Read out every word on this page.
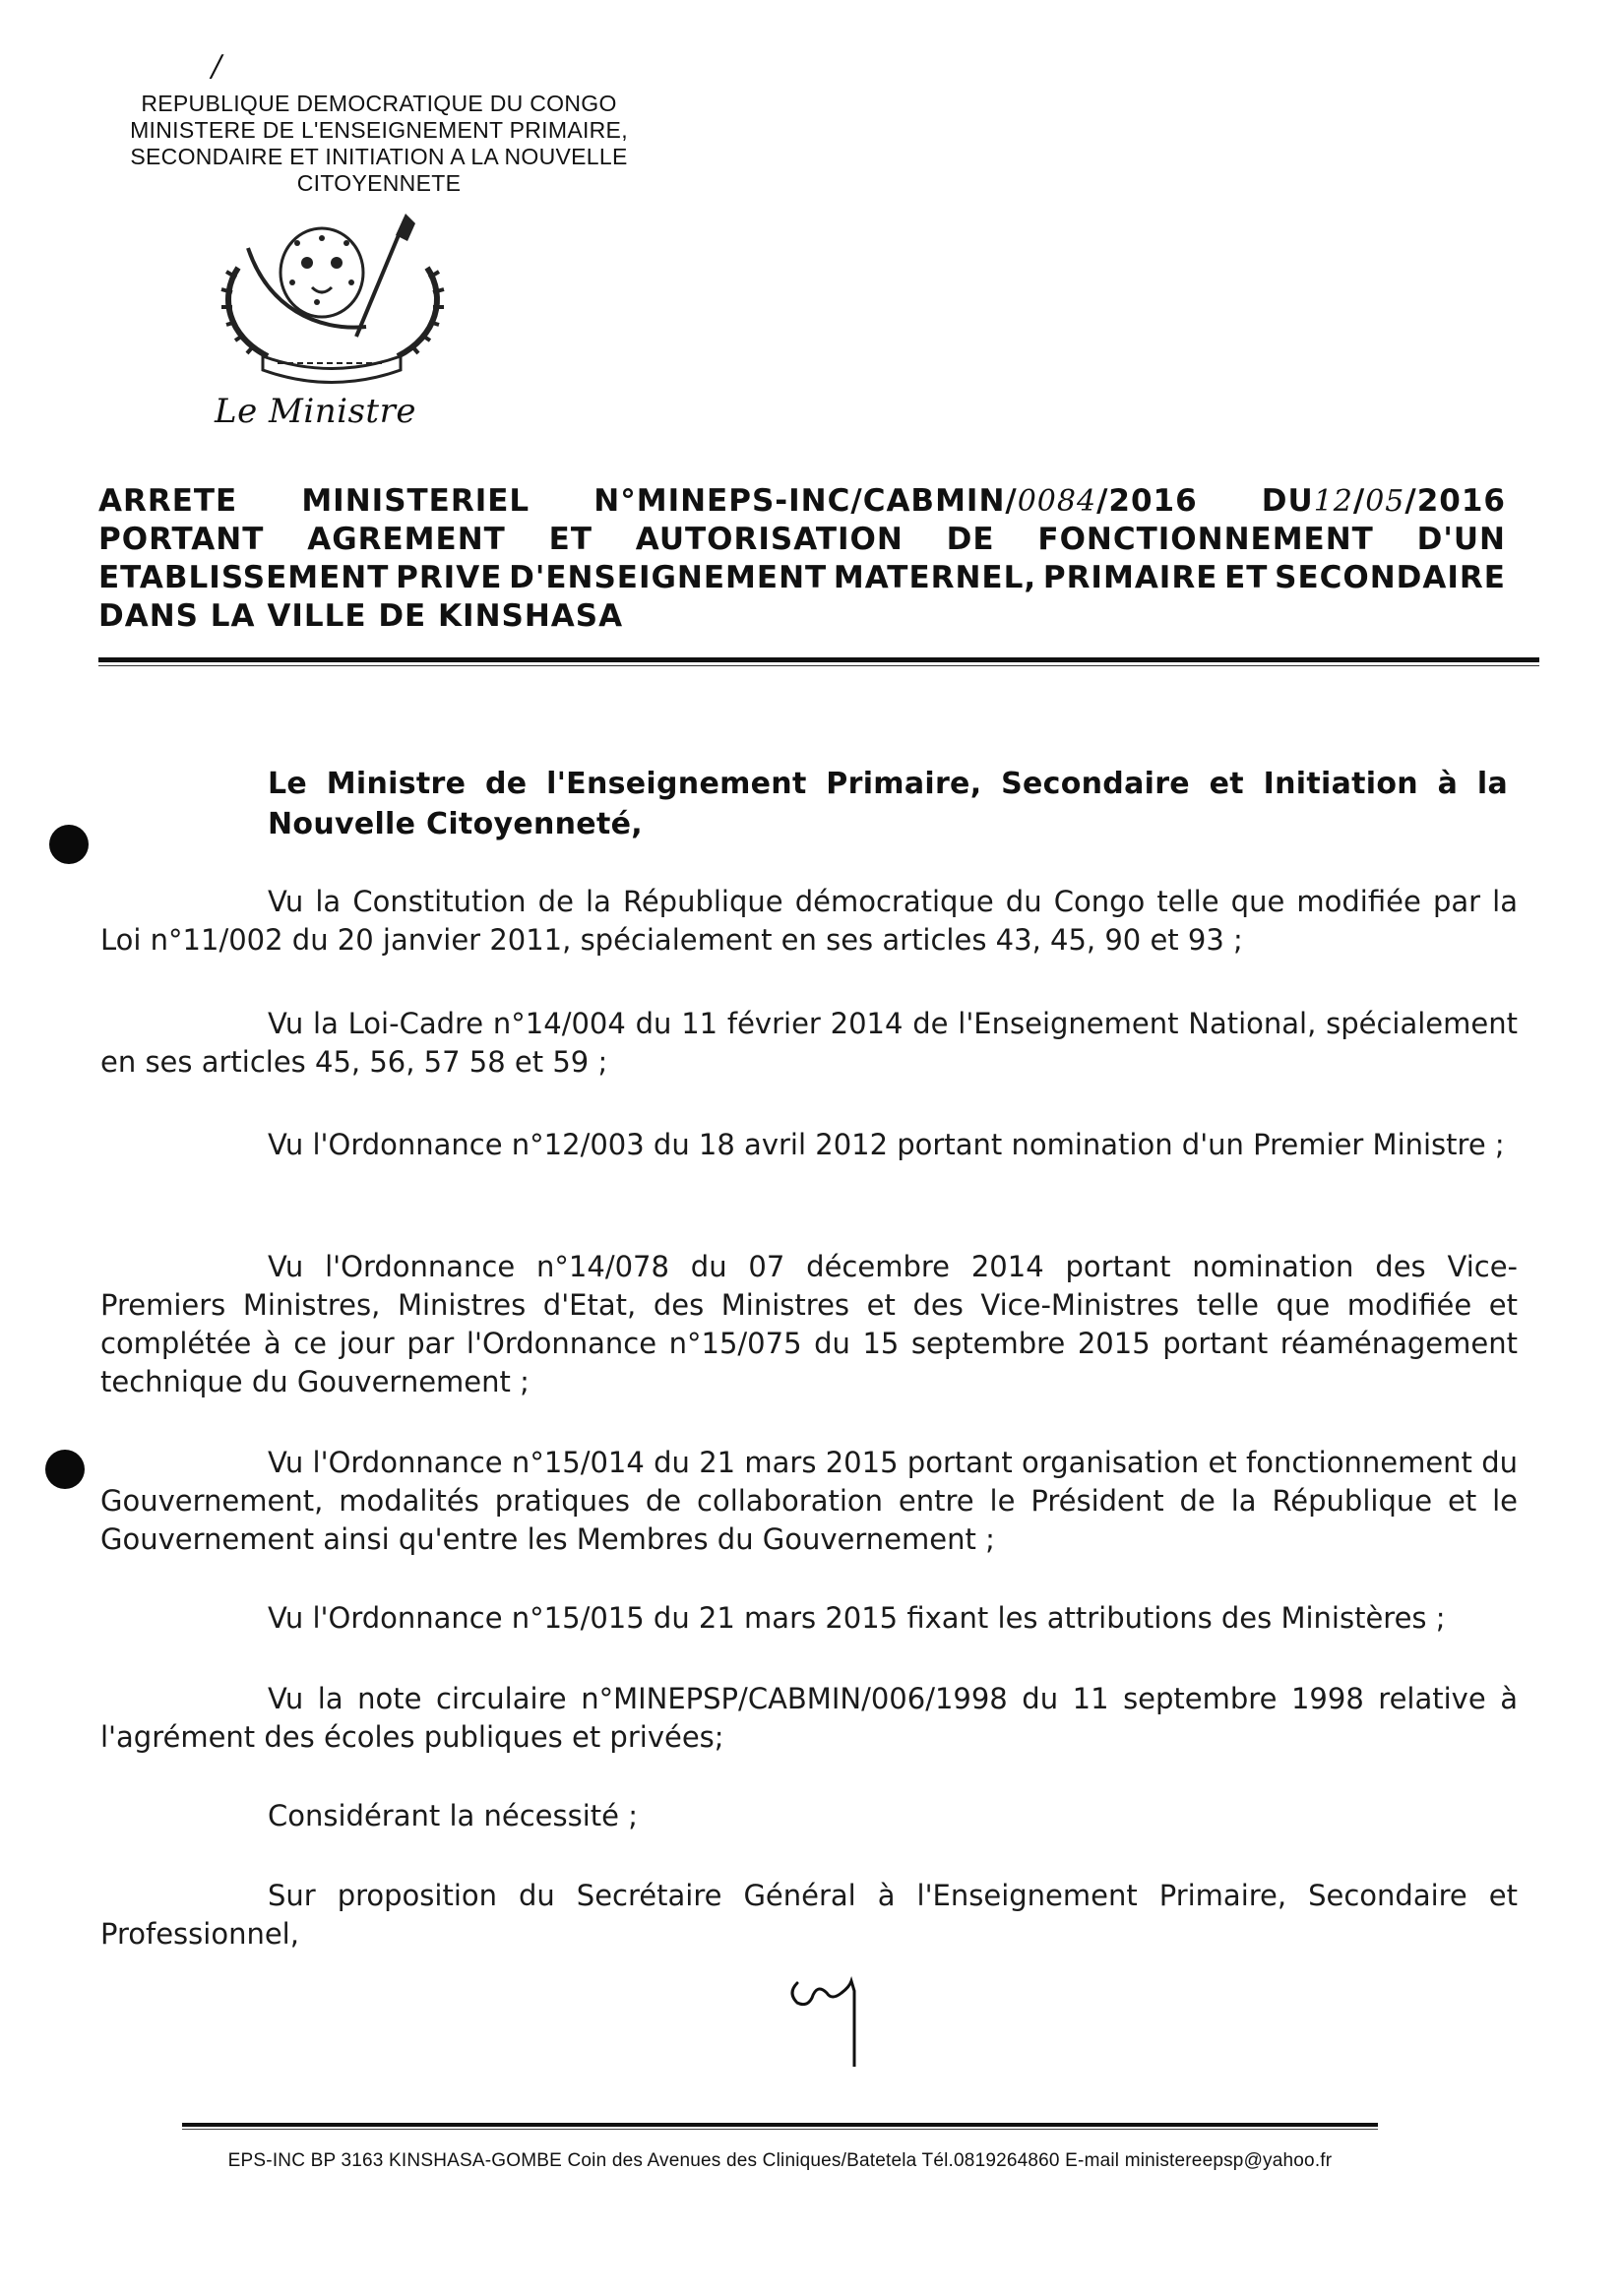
/
REPUBLIQUE DEMOCRATIQUE DU CONGO
MINISTERE DE L'ENSEIGNEMENT PRIMAIRE,
SECONDAIRE ET INITIATION A LA NOUVELLE
CITOYENNETE
Le Ministre
ARRETE MINISTERIEL N°MINEPS-INC/CABMIN/0084/2016 DU12/05/2016
PORTANT AGREMENT ET AUTORISATION DE FONCTIONNEMENT D'UN
ETABLISSEMENT PRIVE D'ENSEIGNEMENT MATERNEL, PRIMAIRE ET SECONDAIRE
DANS LA VILLE DE KINSHASA
Le Ministre de l'Enseignement Primaire, Secondaire et Initiation à la Nouvelle Citoyenneté,
Vu la Constitution de la République démocratique du Congo telle que modifiée par la Loi n°11/002 du 20 janvier 2011, spécialement en ses articles 43, 45, 90 et 93 ;
Vu la Loi-Cadre n°14/004 du 11 février 2014 de l'Enseignement National, spécialement en ses articles 45, 56, 57 58 et 59 ;
Vu l'Ordonnance n°12/003 du 18 avril 2012 portant nomination d'un Premier Ministre ;
Vu l'Ordonnance n°14/078 du 07 décembre 2014 portant nomination des Vice-Premiers Ministres, Ministres d'Etat, des Ministres et des Vice-Ministres telle que modifiée et complétée à ce jour par l'Ordonnance n°15/075 du 15 septembre 2015 portant réaménagement technique du Gouvernement ;
Vu l'Ordonnance n°15/014 du 21 mars 2015 portant organisation et fonctionnement du Gouvernement, modalités pratiques de collaboration entre le Président de la République et le Gouvernement ainsi qu'entre les Membres du Gouvernement ;
Vu l'Ordonnance n°15/015 du 21 mars 2015 fixant les attributions des Ministères ;
Vu la note circulaire n°MINEPSP/CABMIN/006/1998 du 11 septembre 1998 relative à l'agrément des écoles publiques et privées;
Considérant la nécessité ;
Sur proposition du Secrétaire Général à l'Enseignement Primaire, Secondaire et Professionnel,
EPS-INC BP 3163 KINSHASA-GOMBE Coin des Avenues des Cliniques/Batetela Tél.0819264860 E-mail ministereepsp@yahoo.fr
